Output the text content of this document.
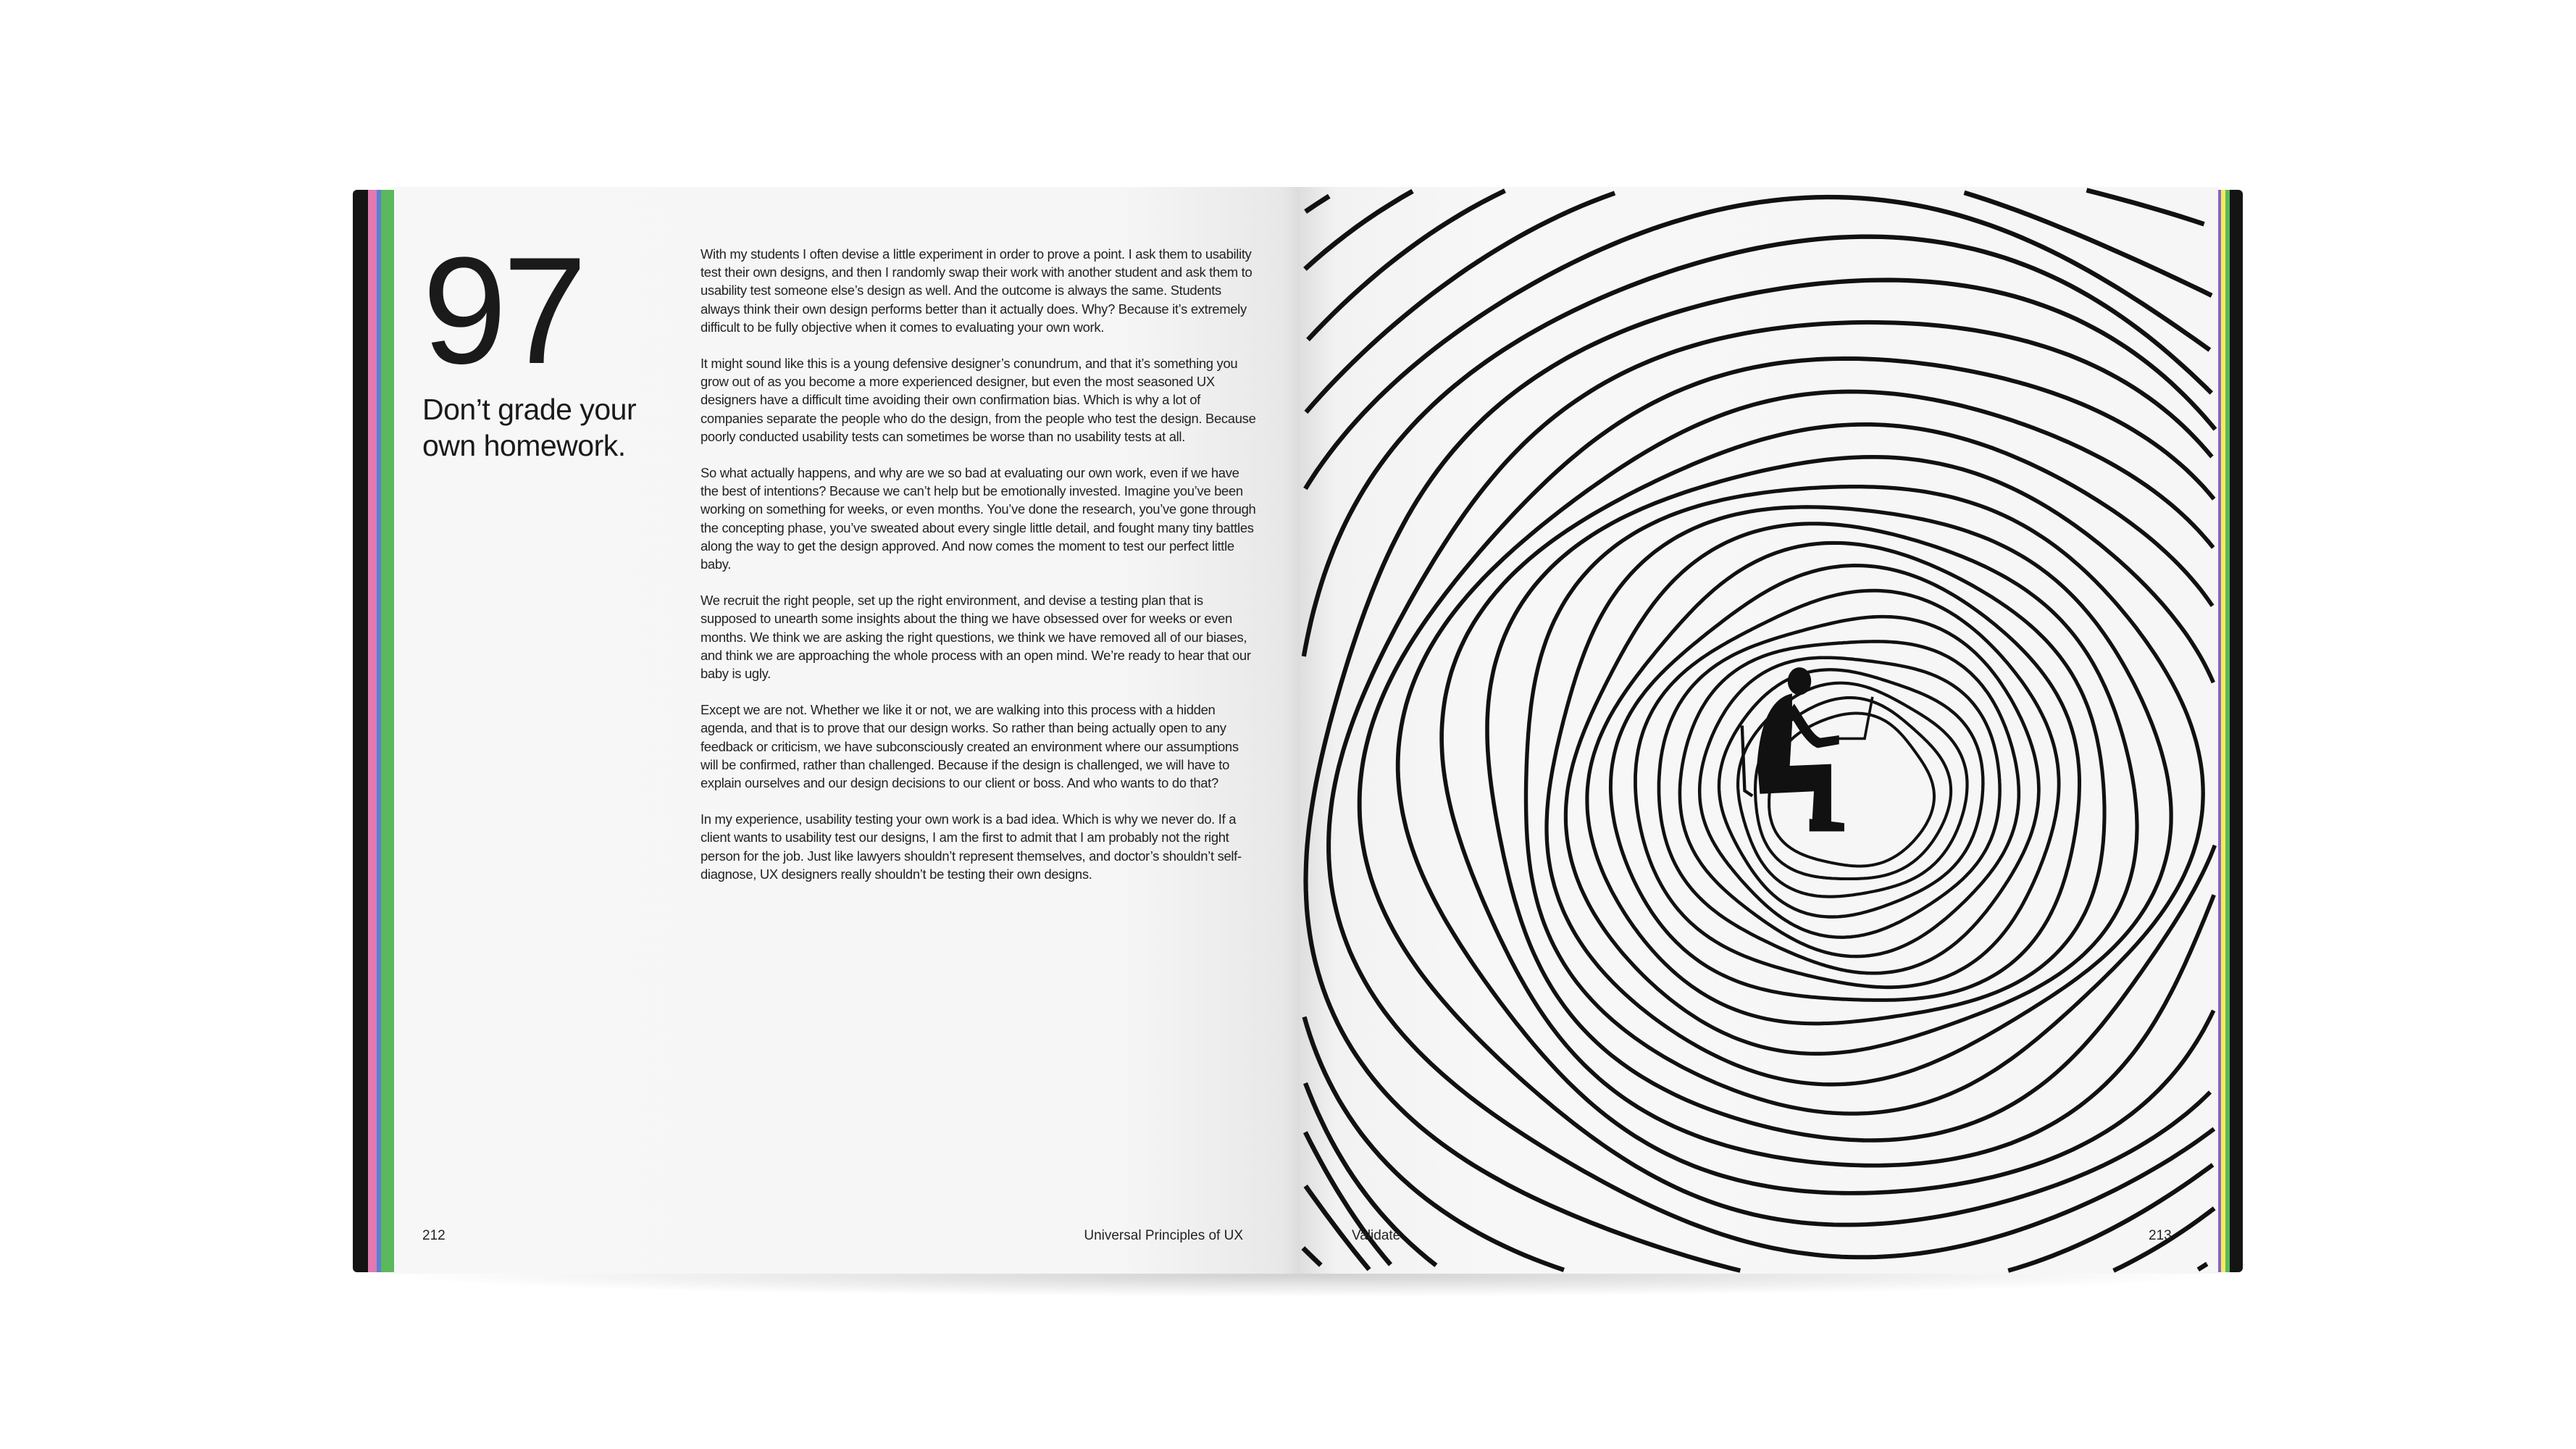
97
Don’t grade your
own homework.

With my students I often devise a little experiment in order to prove a point. I ask them to usability test their own designs, and then I randomly swap their work with another student and ask them to usability test someone else’s design as well. And the outcome is always the same. Students always think their own design performs better than it actually does. Why? Because it’s extremely difficult to be fully objective when it comes to evaluating your own work.

It might sound like this is a young defensive designer’s conundrum, and that it’s something you grow out of as you become a more experienced designer, but even the most seasoned UX designers have a difficult time avoiding their own confirmation bias. Which is why a lot of companies separate the people who do the design, from the people who test the design. Because poorly conducted usability tests can sometimes be worse than no usability tests at all.

So what actually happens, and why are we so bad at evaluating our own work, even if we have the best of intentions? Because we can’t help but be emotionally invested. Imagine you’ve been working on something for weeks, or even months. You’ve done the research, you’ve gone through the concepting phase, you’ve sweated about every single little detail, and fought many tiny battles along the way to get the design approved. And now comes the moment to test our perfect little baby.

We recruit the right people, set up the right environment, and devise a testing plan that is supposed to unearth some insights about the thing we have obsessed over for weeks or even months. We think we are asking the right questions, we think we have removed all of our biases, and think we are approaching the whole process with an open mind. We’re ready to hear that our baby is ugly.

Except we are not. Whether we like it or not, we are walking into this process with a hidden agenda, and that is to prove that our design works. So rather than being actually open to any feedback or criticism, we have subconsciously created an environment where our assumptions will be confirmed, rather than challenged. Because if the design is challenged, we will have to explain ourselves and our design decisions to our client or boss. And who wants to do that?

In my experience, usability testing your own work is a bad idea. Which is why we never do. If a client wants to usability test our designs, I am the first to admit that I am probably not the right person for the job. Just like lawyers shouldn’t represent themselves, and doctor’s shouldn’t self-diagnose, UX designers really shouldn’t be testing their own designs.

212	Universal Principles of UX	Validate	213
